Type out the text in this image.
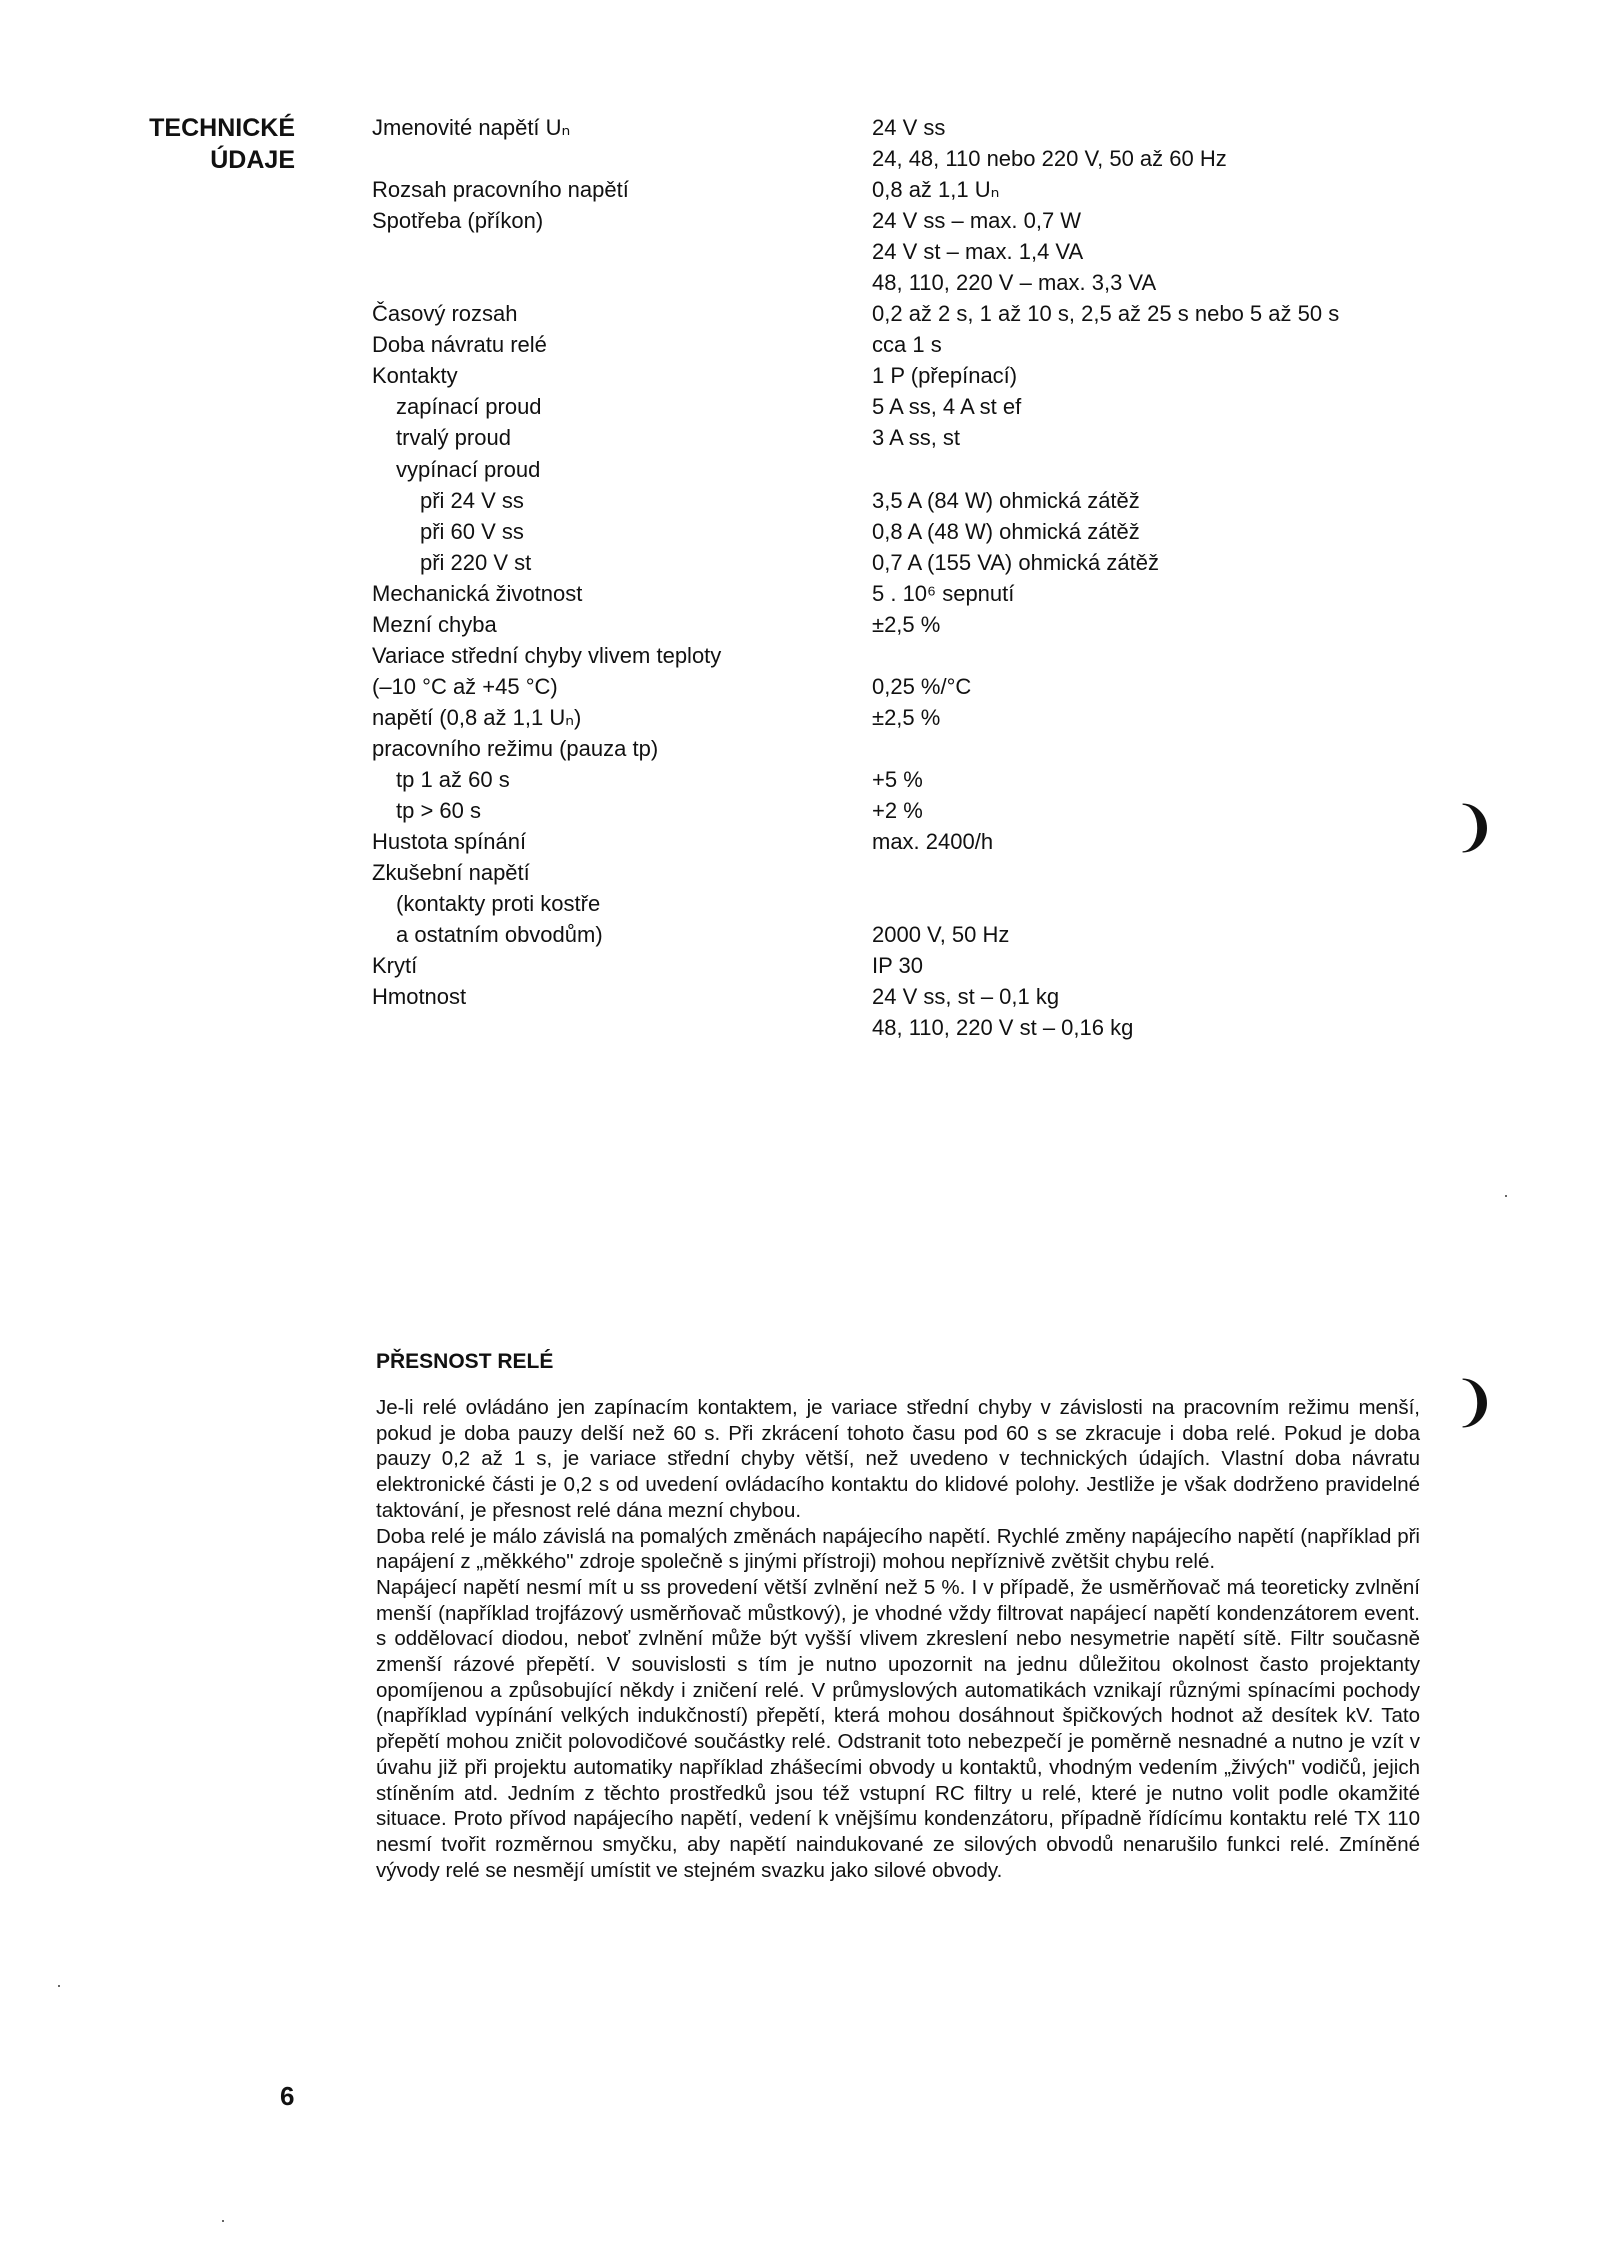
TECHNICKÉ
ÚDAJE
Jmenovité napětí Uₙ	24 V ss
24, 48, 110 nebo 220 V, 50 až 60 Hz
Rozsah pracovního napětí	0,8 až 1,1 Uₙ
Spotřeba (příkon)	24 V ss – max. 0,7 W
24 V st – max. 1,4 VA
48, 110, 220 V – max. 3,3 VA
Časový rozsah	0,2 až 2 s, 1 až 10 s, 2,5 až 25 s nebo 5 až 50 s
Doba návratu relé	cca 1 s
Kontakty	1 P (přepínací)
zapínací proud	5 A ss, 4 A st ef
trvalý proud	3 A ss, st
vypínací proud
při 24 V ss	3,5 A (84 W) ohmická zátěž
při 60 V ss	0,8 A (48 W) ohmická zátěž
při 220 V st	0,7 A (155 VA) ohmická zátěž
Mechanická životnost	5 . 10⁶ sepnutí
Mezní chyba	±2,5 %
Variace střední chyby vlivem teploty
(–10 °C až +45 °C)	0,25 %/°C
napětí (0,8 až 1,1 Uₙ)	±2,5 %
pracovního režimu (pauza tp)
tp 1 až 60 s	+5 %
tp > 60 s	+2 %
Hustota spínání	max. 2400/h
Zkušební napětí
(kontakty proti kostře
a ostatním obvodům)	2000 V, 50 Hz
Krytí	IP 30
Hmotnost	24 V ss, st – 0,1 kg
48, 110, 220 V st – 0,16 kg
PŘESNOST RELÉ

Je-li relé ovládáno jen zapínacím kontaktem, je variace střední chyby v závislosti na pracovním režimu menší, pokud je doba pauzy delší než 60 s. Při zkrácení tohoto času pod 60 s se zkracuje i doba relé. Pokud je doba pauzy 0,2 až 1 s, je variace střední chyby větší, než uvedeno v technických údajích. Vlastní doba návratu elektronické části je 0,2 s od uvedení ovládacího kontaktu do klidové polohy. Jestliže je však dodrženo pravidelné taktování, je přesnost relé dána mezní chybou.

Doba relé je málo závislá na pomalých změnách napájecího napětí. Rychlé změny napájecího napětí (například při napájení z „měkkého" zdroje společně s jinými přístroji) mohou nepříznivě zvětšit chybu relé.

Napájecí napětí nesmí mít u ss provedení větší zvlnění než 5 %. I v případě, že usměrňovač má teoreticky zvlnění menší (například trojfázový usměrňovač můstkový), je vhodné vždy filtrovat napájecí napětí kondenzátorem event. s oddělovací diodou, neboť zvlnění může být vyšší vlivem zkreslení nebo nesymetrie napětí sítě. Filtr současně zmenší rázové přepětí. V souvislosti s tím je nutno upozornit na jednu důležitou okolnost často projektanty opomíjenou a způsobující někdy i zničení relé. V průmyslových automatikách vznikají různými spínacími pochody (například vypínání velkých indukčností) přepětí, která mohou dosáhnout špičkových hodnot až desítek kV. Tato přepětí mohou zničit polovodičové součástky relé. Odstranit toto nebezpečí je poměrně nesnadné a nutno je vzít v úvahu již při projektu automatiky například zhášecími obvody u kontaktů, vhodným vedením „živých" vodičů, jejich stíněním atd. Jedním z těchto prostředků jsou též vstupní RC filtry u relé, které je nutno volit podle okamžité situace. Proto přívod napájecího napětí, vedení k vnějšímu kondenzátoru, případně řídícímu kontaktu relé TX 110 nesmí tvořit rozměrnou smyčku, aby napětí naindukované ze silových obvodů nenarušilo funkci relé. Zmíněné vývody relé se nesmějí umístit ve stejném svazku jako silové obvody.

6
❩
❩
